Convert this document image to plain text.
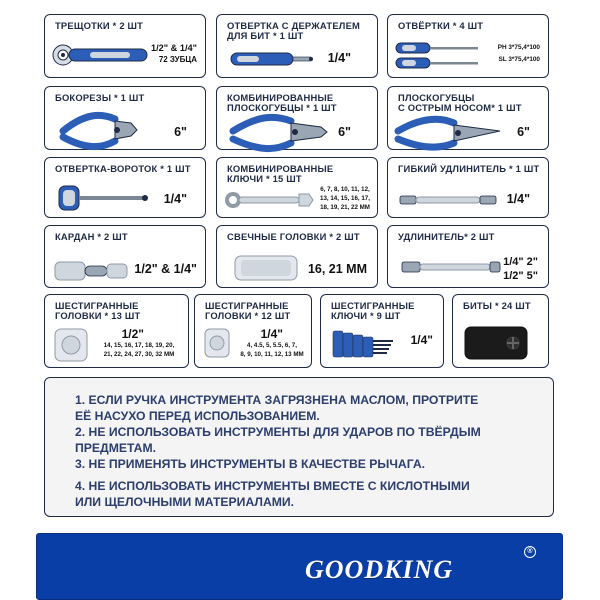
ТРЕЩОТКИ * 2 ШТ
1/2" & 1/4"
72 ЗУБЦА
ОТВЕРТКА С ДЕРЖАТЕЛЕМ
ДЛЯ БИТ * 1 ШТ
1/4"
ОТВЁРТКИ * 4 ШТ
PH 3*75,4*100
SL 3*75,4*100
БОКОРЕЗЫ * 1 ШТ
6"
КОМБИНИРОВАННЫЕ
ПЛОСКОГУБЦЫ * 1 ШТ
6"
ПЛОСКОГУБЦЫ
С ОСТРЫМ НОСОМ* 1 ШТ
6"
ОТВЕРТКА-ВОРОТОК * 1 ШТ
1/4"
КОМБИНИРОВАННЫЕ
КЛЮЧИ * 15 ШТ
6, 7, 8, 10, 11, 12,
13, 14, 15, 16, 17,
18, 19, 21, 22 MM
ГИБКИЙ УДЛИНИТЕЛЬ * 1 ШТ
1/4"
КАРДАН * 2 ШТ
1/2" & 1/4"
СВЕЧНЫЕ ГОЛОВКИ * 2 ШТ
16, 21 MM
УДЛИНИТЕЛЬ* 2 ШТ
1/4" 2"
1/2" 5"
ШЕСТИГРАННЫЕ
ГОЛОВКИ * 13 ШТ
1/2"
14, 15, 16, 17, 18, 19, 20,
21, 22, 24, 27, 30, 32 MM
ШЕСТИГРАННЫЕ
ГОЛОВКИ * 12 ШТ
1/4"
4, 4.5, 5, 5.5, 6, 7,
8, 9, 10, 11, 12, 13 MM
ШЕСТИГРАННЫЕ
КЛЮЧИ * 9 ШТ
1/4"
БИТЫ * 24 ШТ
1. ЕСЛИ РУЧКА ИНСТРУМЕНТА ЗАГРЯЗНЕНА МАСЛОМ, ПРОТРИТЕ
ЕЁ НАСУХО ПЕРЕД ИСПОЛЬЗОВАНИЕМ.
2. НЕ ИСПОЛЬЗОВАТЬ ИНСТРУМЕНТЫ ДЛЯ УДАРОВ ПО ТВЁРДЫМ
ПРЕДМЕТАМ.
3. НЕ ПРИМЕНЯТЬ ИНСТРУМЕНТЫ В КАЧЕСТВЕ РЫЧАГА.
4. НЕ ИСПОЛЬЗОВАТЬ ИНСТРУМЕНТЫ ВМЕСТЕ С КИСЛОТНЫМИ
ИЛИ ЩЕЛОЧНЫМИ МАТЕРИАЛАМИ.
GOODKING
®
